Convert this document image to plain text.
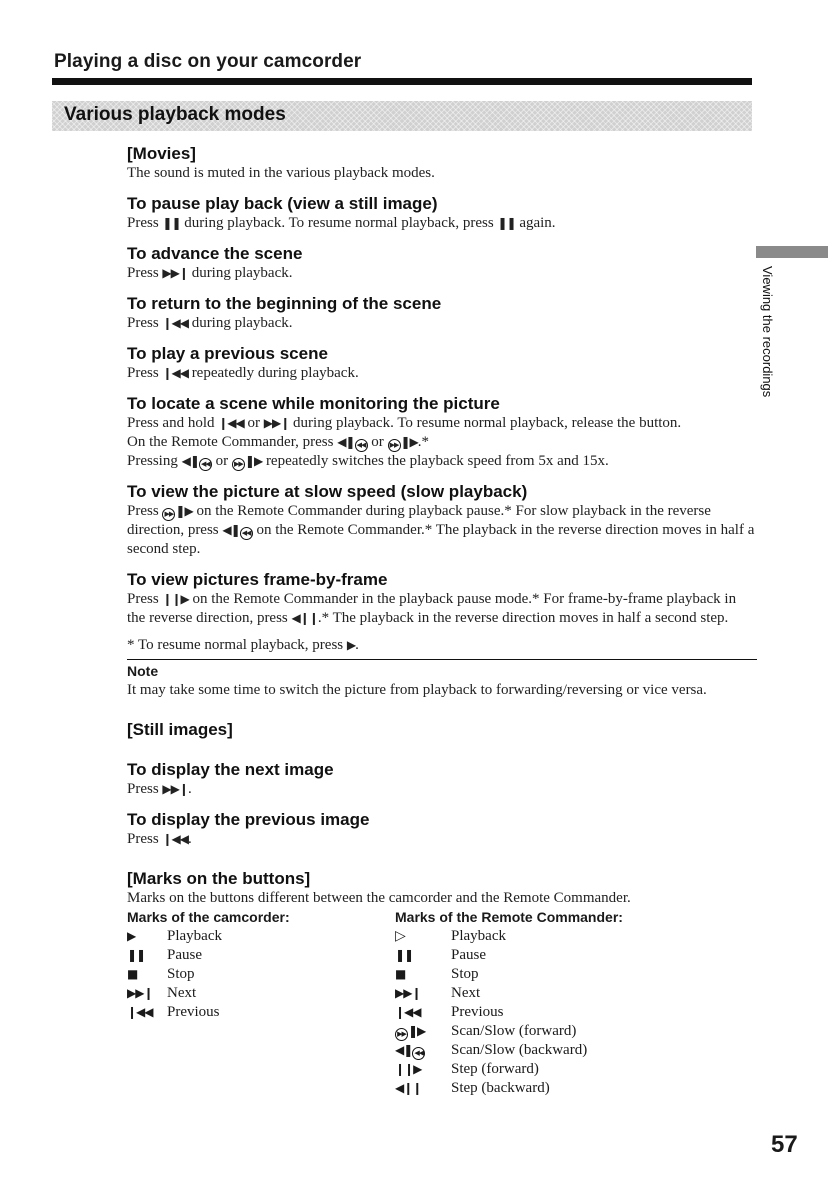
Playing a disc on your camcorder
Various playback modes
Viewing the recordings

[Movies]

The sound is muted in the various playback modes.

To pause play back (view a still image)

Press ❚❚ during playback. To resume normal playback, press ❚❚ again.

To advance the scene

Press ▶▶❙ during playback.

To return to the beginning of the scene

Press ❙◀◀ during playback.

To play a previous scene

Press ❙◀◀ repeatedly during playback.

To locate a scene while monitoring the picture

Press and hold ❙◀◀ or ▶▶❙ during playback. To resume normal playback, release the button.
On the Remote Commander, press ◀❚ ◀◀ or ▶▶ ❚▶.*
Pressing ◀❚ ◀◀ or ▶▶ ❚▶ repeatedly switches the playback speed from 5x and 15x.

To view the picture at slow speed (slow playback)

Press ▶▶ ❚▶ on the Remote Commander during playback pause.* For slow playback in the reverse direction, press ◀❚ ◀◀ on the Remote Commander.* The playback in the reverse direction moves in half a second step.

To view pictures frame-by-frame

Press ❙❙▶ on the Remote Commander in the playback pause mode.* For frame-by-frame playback in the reverse direction, press ◀❙❙.* The playback in the reverse direction moves in half a second step.

* To resume normal playback, press ▶.

Note

It may take some time to switch the picture from playback to forwarding/reversing or vice versa.

[Still images]

To display the next image

Press ▶▶❙.

To display the previous image

Press ❙◀◀.

[Marks on the buttons]

Marks on the buttons different between the camcorder and the Remote Commander.

Marks of the camcorder:
▶	Playback
❚❚	Pause
■	Stop
▶▶❙ Next
❙◀◀ Previous
Marks of the Remote Commander:
▷	Playback
❚❚	Pause
■	Stop
▶▶❙	Next
❙◀◀	Previous
▶▶ ❚▶	Scan/Slow (forward)
◀❚ ◀◀	Scan/Slow (backward)
❙❙▶	Step (forward)
◀❙❙	Step (backward)
57
